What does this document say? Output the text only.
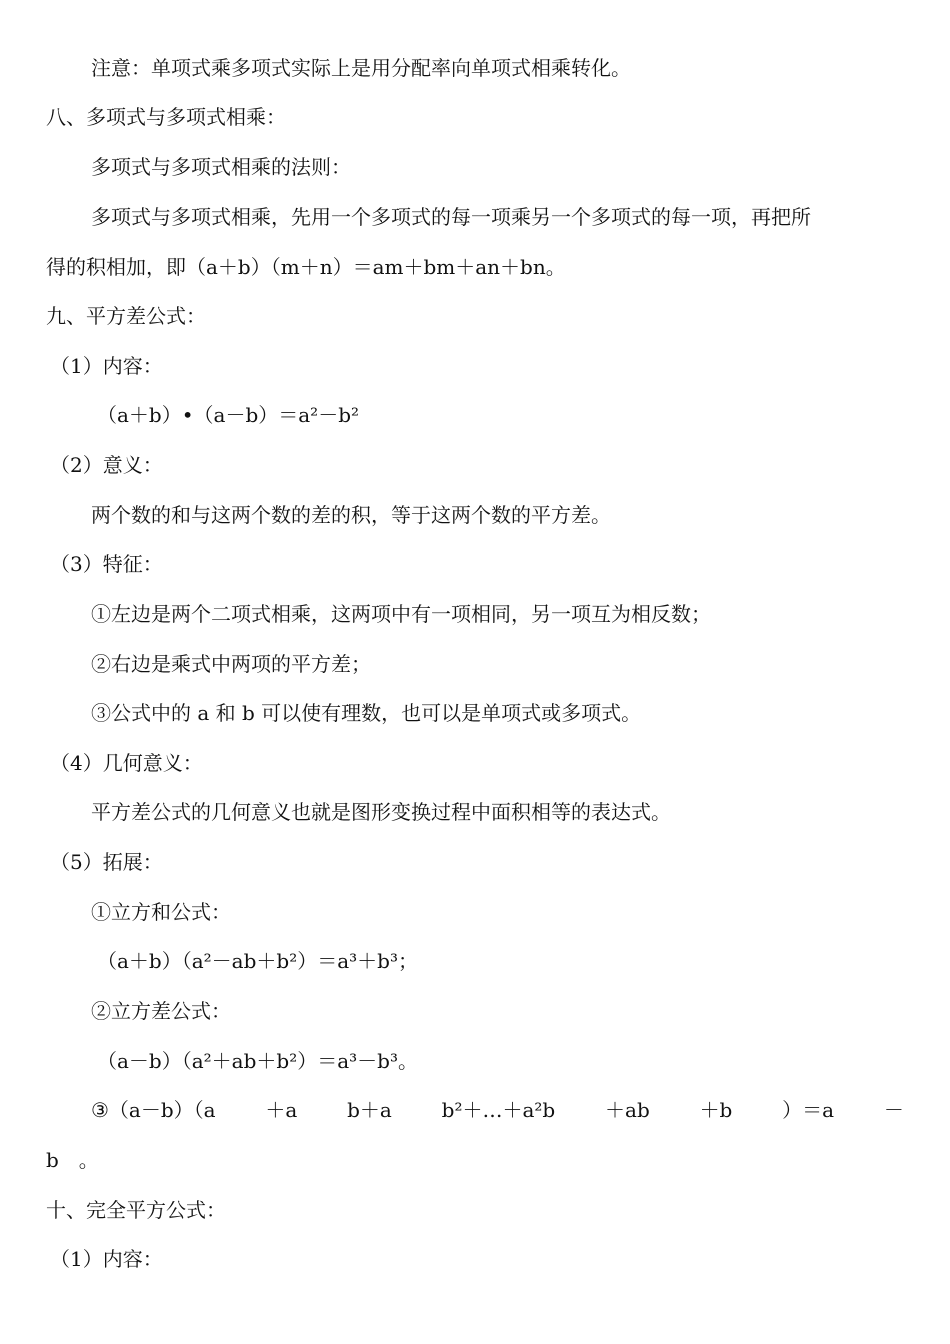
注意：单项式乘多项式实际上是用分配率向单项式相乘转化。
八、多项式与多项式相乘：
多项式与多项式相乘的法则：
多项式与多项式相乘，先用一个多项式的每一项乘另一个多项式的每一项，再把所
得的积相加，即（a＋b）（m＋n）＝am＋bm＋an＋bn。
九、平方差公式：
（1）内容：
（a＋b）•（a－b）＝a²－b²
（2）意义：
两个数的和与这两个数的差的积，等于这两个数的平方差。
（3）特征：
①左边是两个二项式相乘，这两项中有一项相同，另一项互为相反数；
②右边是乘式中两项的平方差；
③公式中的 a 和 b 可以使有理数，也可以是单项式或多项式。
（4）几何意义：
平方差公式的几何意义也就是图形变换过程中面积相等的表达式。
（5）拓展：
①立方和公式：
（a＋b）（a²－ab＋b²）＝a³＋b³；
②立方差公式：
（a－b）（a²＋ab＋b²）＝a³－b³。
③（a－b）（a ＋a b＋a b²＋…＋a²b ＋ab ＋b ）＝a －
b　。
十、完全平方公式：
（1）内容：
